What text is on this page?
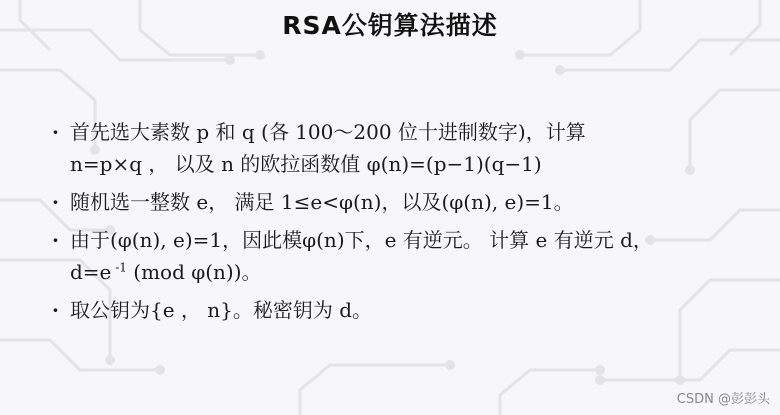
RSA公钥算法描述
· 首先选大素数 p 和 q (各 100～200 位十进制数字)，计算
n=p×q ， 以及 n 的欧拉函数值 φ(n)=(p−1)(q−1)
· 随机选一整数 e， 满足 1≤e<φ(n)，以及(φ(n), e)=1。
· 由于(φ(n), e)=1，因此模φ(n)下，e 有逆元。 计算 e 有逆元 d，
d=e $^{-1}$ (mod φ(n))。
· 取公钥为{e ， n}。秘密钥为 d。
CSDN @彭彭头
